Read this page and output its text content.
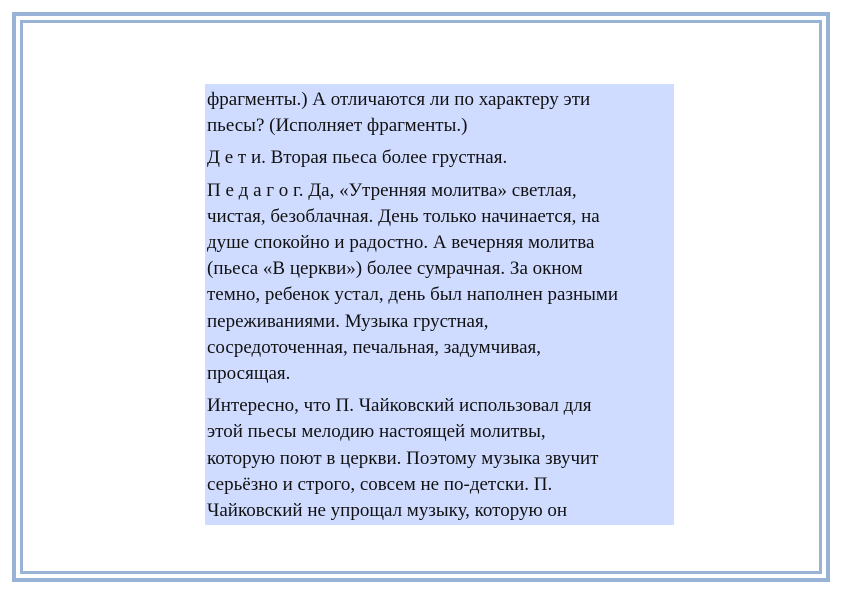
фрагменты.) А отличаются ли по характеру эти
пьесы? (Исполняет фрагменты.)

Д е т и. Вторая пьеса более грустная.

П е д а г о г. Да, «Утренняя молитва» светлая,
чистая, безоблачная. День только начинается, на
душе спокойно и радостно. А вечерняя молитва
(пьеса «В церкви») более сумрачная. За окном
темно, ребенок устал, день был наполнен разными
переживаниями. Музыка грустная,
сосредоточенная, печальная, задумчивая,
просящая.

Интересно, что П. Чайковский использовал для
этой пьесы мелодию настоящей молитвы,
которую поют в церкви. Поэтому музыка звучит
серьёзно и строго, совсем не по-детски. П.
Чайковский не упрощал музыку, которую он
